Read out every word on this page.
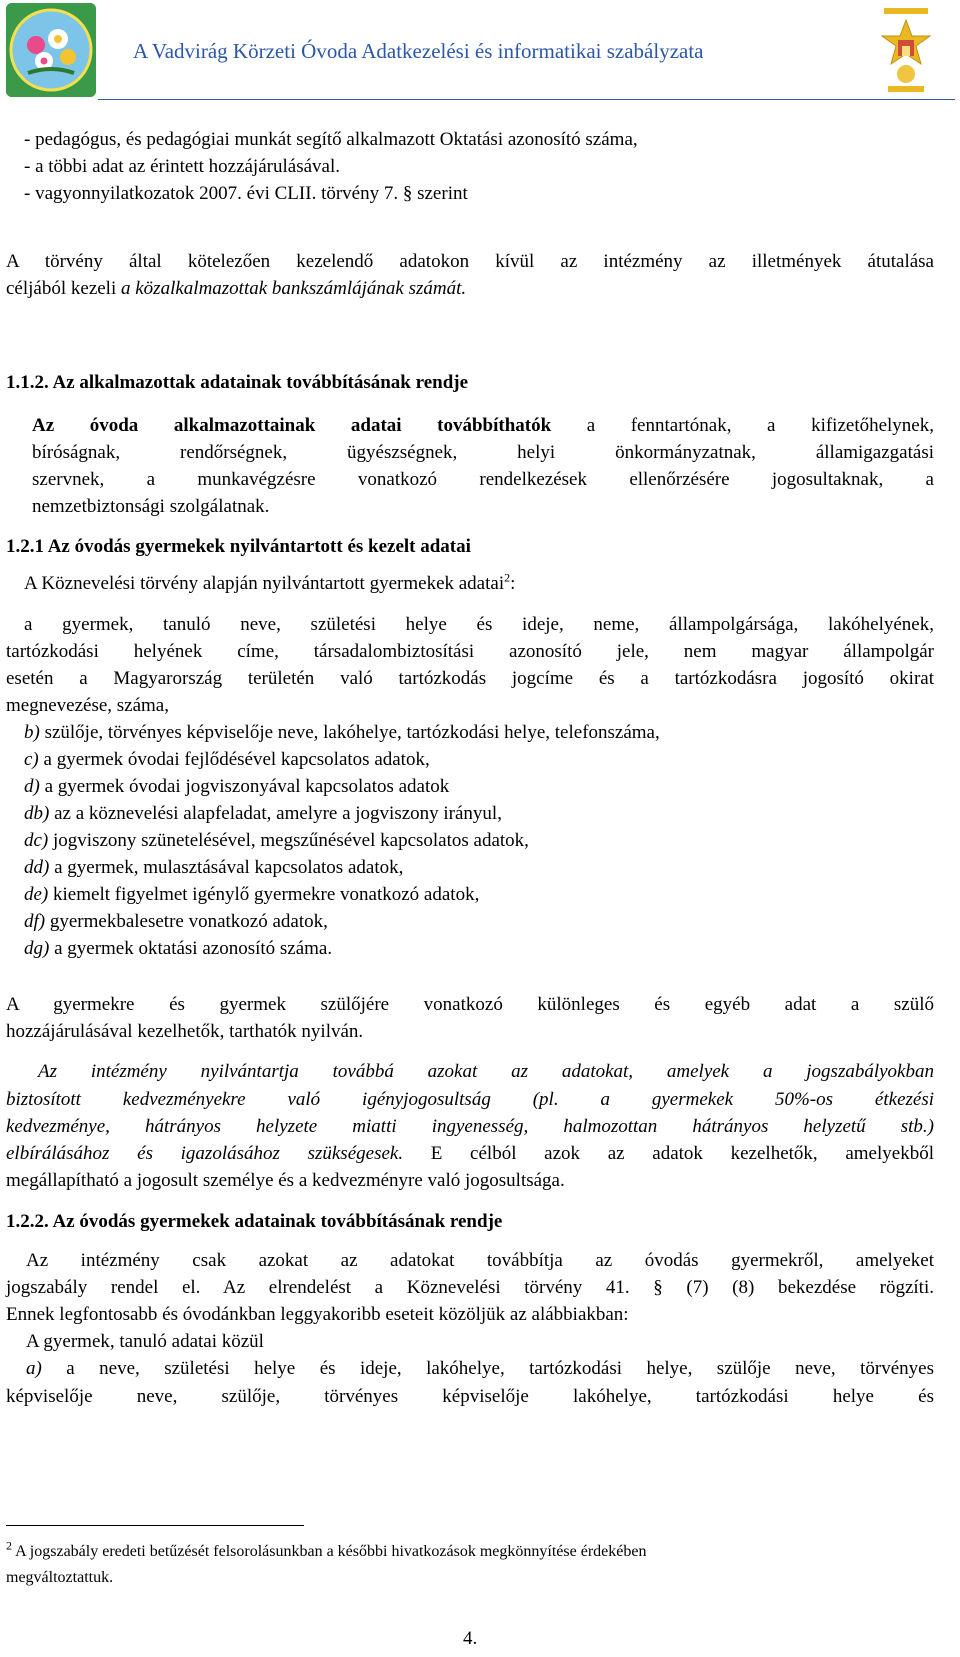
A Vadvirág Körzeti Óvoda Adatkezelési és informatikai szabályzata
- pedagógus, és pedagógiai munkát segítő alkalmazott Oktatási azonosító száma,
- a többi adat az érintett hozzájárulásával.
- vagyonnyilatkozatok 2007. évi CLII. törvény 7. § szerint
A törvény által kötelezően kezelendő adatokon kívül az intézmény az illetmények átutalása
céljából kezeli a közalkalmazottak bankszámlájának számát.
1.1.2. Az alkalmazottak adatainak továbbításának rendje
Az óvoda alkalmazottainak adatai továbbíthatók a fenntartónak, a kifizetőhelynek,
bíróságnak, rendőrségnek, ügyészségnek, helyi önkormányzatnak, államigazgatási
szervnek, a munkavégzésre vonatkozó rendelkezések ellenőrzésére jogosultaknak, a
nemzetbiztonsági szolgálatnak.
1.2.1 Az óvodás gyermekek nyilvántartott és kezelt adatai
A Köznevelési törvény alapján nyilvántartott gyermekek adatai$^2$:
a gyermek, tanuló neve, születési helye és ideje, neme, állampolgársága, lakóhelyének,
tartózkodási helyének címe, társadalombiztosítási azonosító jele, nem magyar állampolgár
esetén a Magyarország területén való tartózkodás jogcíme és a tartózkodásra jogosító okirat
megnevezése, száma,
b) szülője, törvényes képviselője neve, lakóhelye, tartózkodási helye, telefonszáma,
c) a gyermek óvodai fejlődésével kapcsolatos adatok,
d) a gyermek óvodai jogviszonyával kapcsolatos adatok
db) az a köznevelési alapfeladat, amelyre a jogviszony irányul,
dc) jogviszony szünetelésével, megszűnésével kapcsolatos adatok,
dd) a gyermek, mulasztásával kapcsolatos adatok,
de) kiemelt figyelmet igénylő gyermekre vonatkozó adatok,
df) gyermekbalesetre vonatkozó adatok,
dg) a gyermek oktatási azonosító száma.
A gyermekre és gyermek szülőjére vonatkozó különleges és egyéb adat a szülő
hozzájárulásával kezelhetők, tarthatók nyilván.
Az intézmény nyilvántartja továbbá azokat az adatokat, amelyek a jogszabályokban
biztosított kedvezményekre való igényjogosultság (pl. a gyermekek 50%-os étkezési
kedvezménye, hátrányos helyzete miatti ingyenesség, halmozottan hátrányos helyzetű stb.)
elbírálásához és igazolásához szükségesek. E célból azok az adatok kezelhetők, amelyekből
megállapítható a jogosult személye és a kedvezményre való jogosultsága.
1.2.2. Az óvodás gyermekek adatainak továbbításának rendje
Az intézmény csak azokat az adatokat továbbítja az óvodás gyermekről, amelyeket
jogszabály rendel el. Az elrendelést a Köznevelési törvény 41. § (7) (8) bekezdése rögzíti.
Ennek legfontosabb és óvodánkban leggyakoribb eseteit közöljük az alábbiakban:
A gyermek, tanuló adatai közül
a) a neve, születési helye és ideje, lakóhelye, tartózkodási helye, szülője neve, törvényes
képviselője neve, szülője, törvényes képviselője lakóhelye, tartózkodási helye és
$^2$ A jogszabály eredeti betűzését felsorolásunkban a későbbi hivatkozások megkönnyítése érdekében
megváltoztattuk.
4.
